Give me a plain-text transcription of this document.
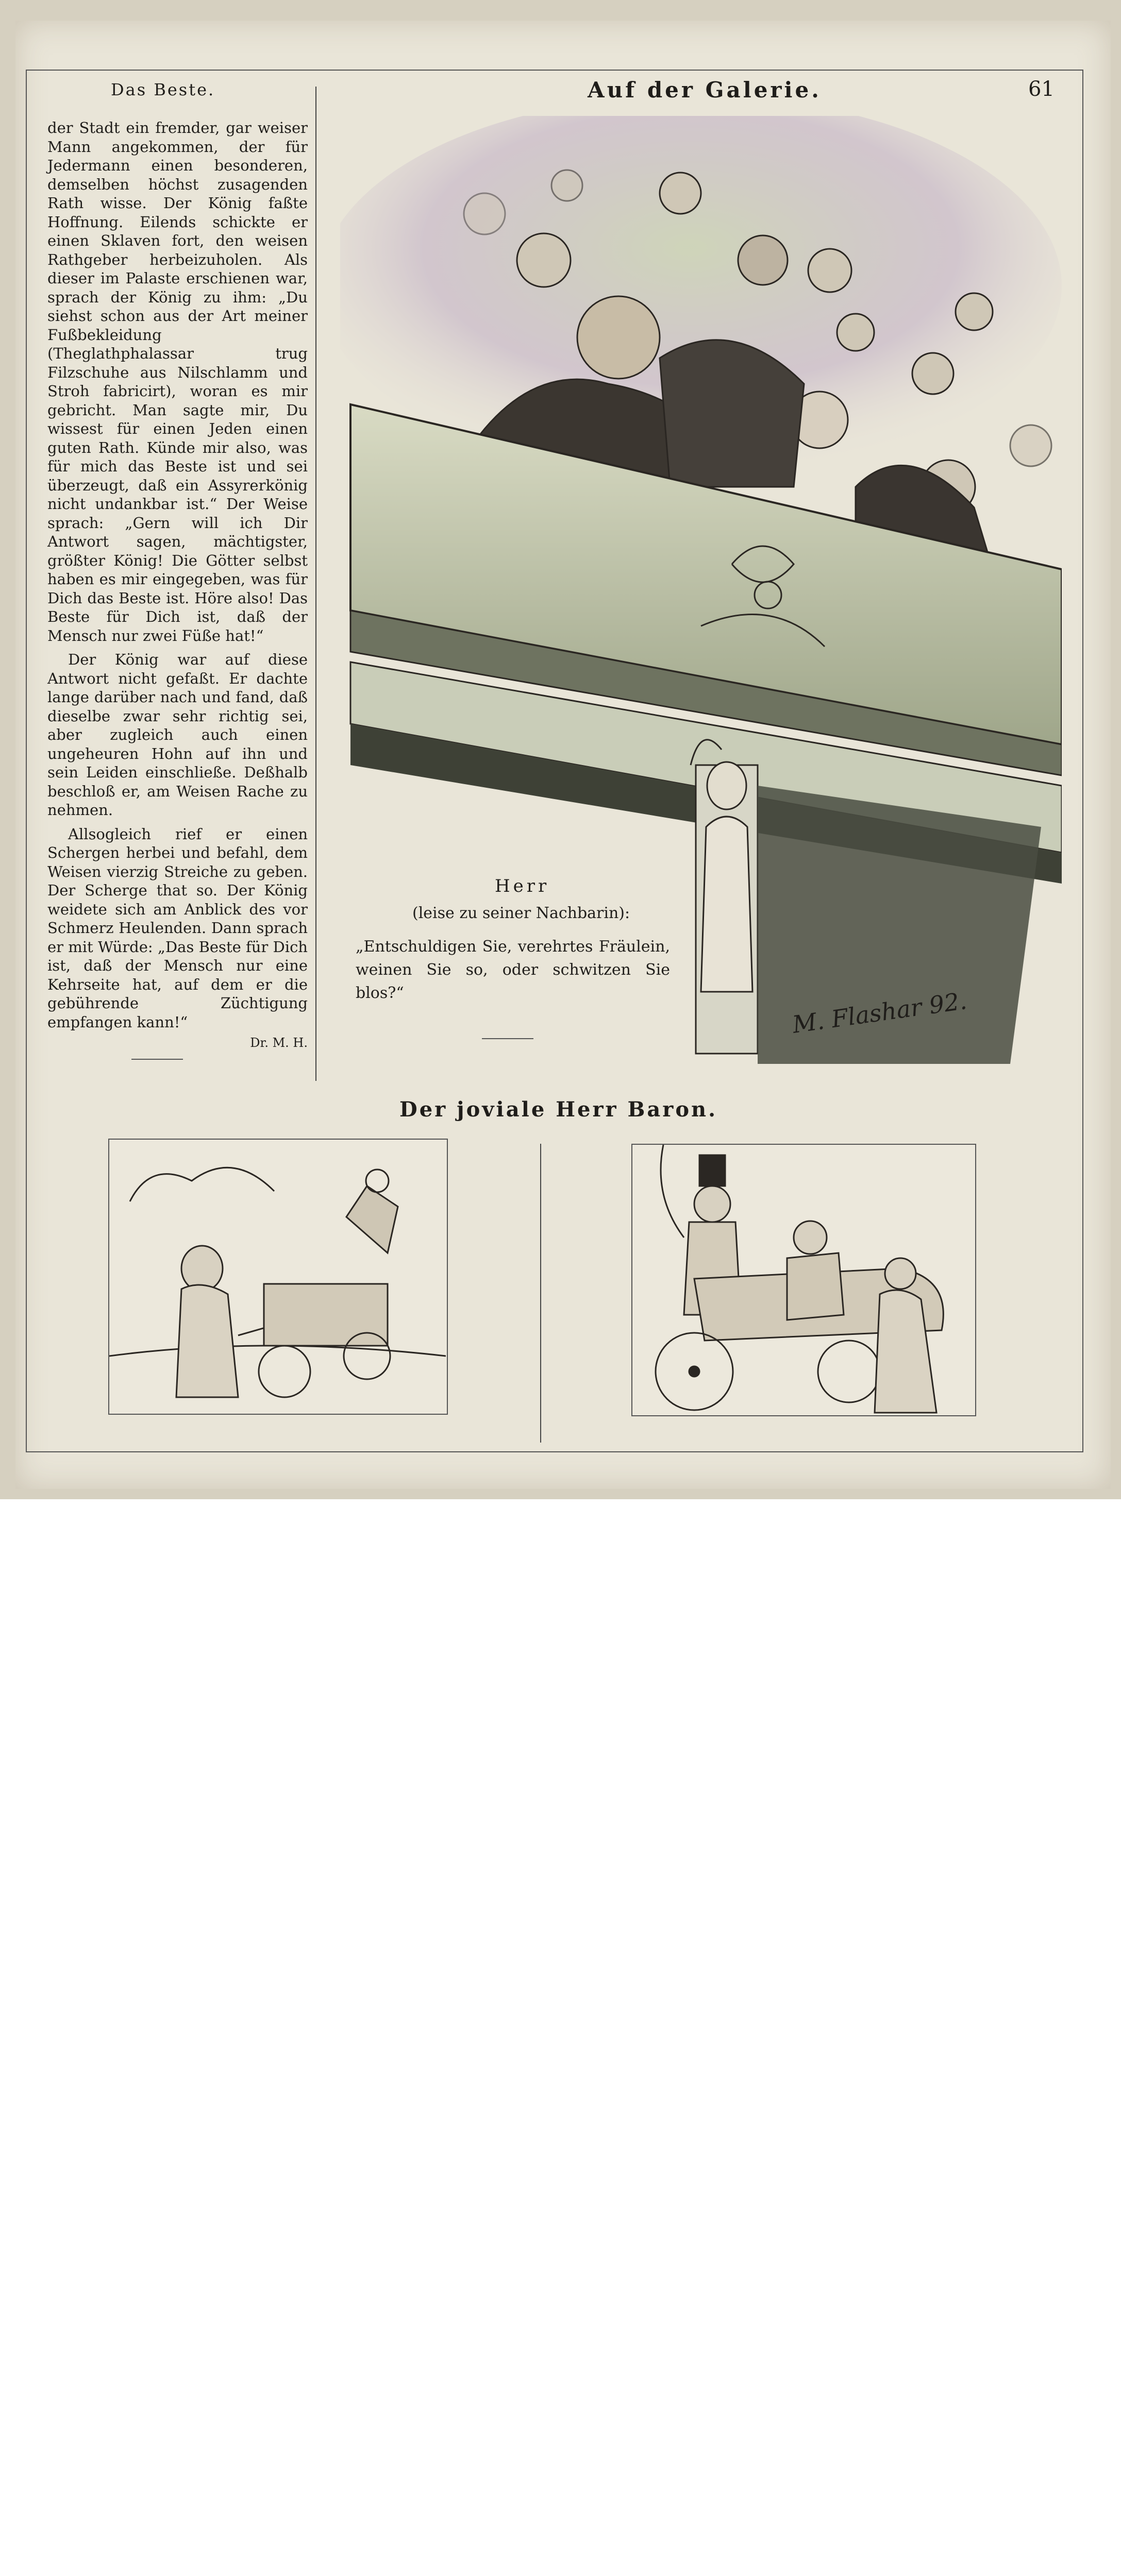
Das Beste.	Auf der Galerie.	61

der Stadt ein fremder, gar weiser Mann angekommen, der für Jedermann einen besonderen, demselben höchst zusagenden Rath wisse. Der König faßte Hoffnung. Eilends schickte er einen Sklaven fort, den weisen Rathgeber herbeizuholen. Als dieser im Palaste erschienen war, sprach der König zu ihm: „Du siehst schon aus der Art meiner Fußbekleidung (Theglathphalassar trug Filzschuhe aus Nilschlamm und Stroh fabricirt), woran es mir gebricht. Man sagte mir, Du wissest für einen Jeden einen guten Rath. Künde mir also, was für mich das Beste ist und sei überzeugt, daß ein Assyrerkönig nicht undankbar ist.“ Der Weise sprach: „Gern will ich Dir Antwort sagen, mächtigster, größter König! Die Götter selbst haben es mir eingegeben, was für Dich das Beste ist. Höre also! Das Beste für Dich ist, daß der Mensch nur zwei Füße hat!“

Der König war auf diese Antwort nicht gefaßt. Er dachte lange darüber nach und fand, daß dieselbe zwar sehr richtig sei, aber zugleich auch einen ungeheuren Hohn auf ihn und sein Leiden einschließe. Deßhalb beschloß er, am Weisen Rache zu nehmen.

Allsogleich rief er einen Schergen herbei und befahl, dem Weisen vierzig Streiche zu geben. Der Scherge that so. Der König weidete sich am Anblick des vor Schmerz Heulenden. Dann sprach er mit Würde: „Das Beste für Dich ist, daß der Mensch nur eine Kehrseite hat, auf dem er die gebührende Züchtigung empfangen kann!“

Dr. M. H.
M. Flashar 92.
Herr
(leise zu seiner Nachbarin):
„Entschuldigen Sie, verehrtes Fräulein, weinen Sie so, oder schwitzen Sie blos?“
Der joviale Herr Baron.
